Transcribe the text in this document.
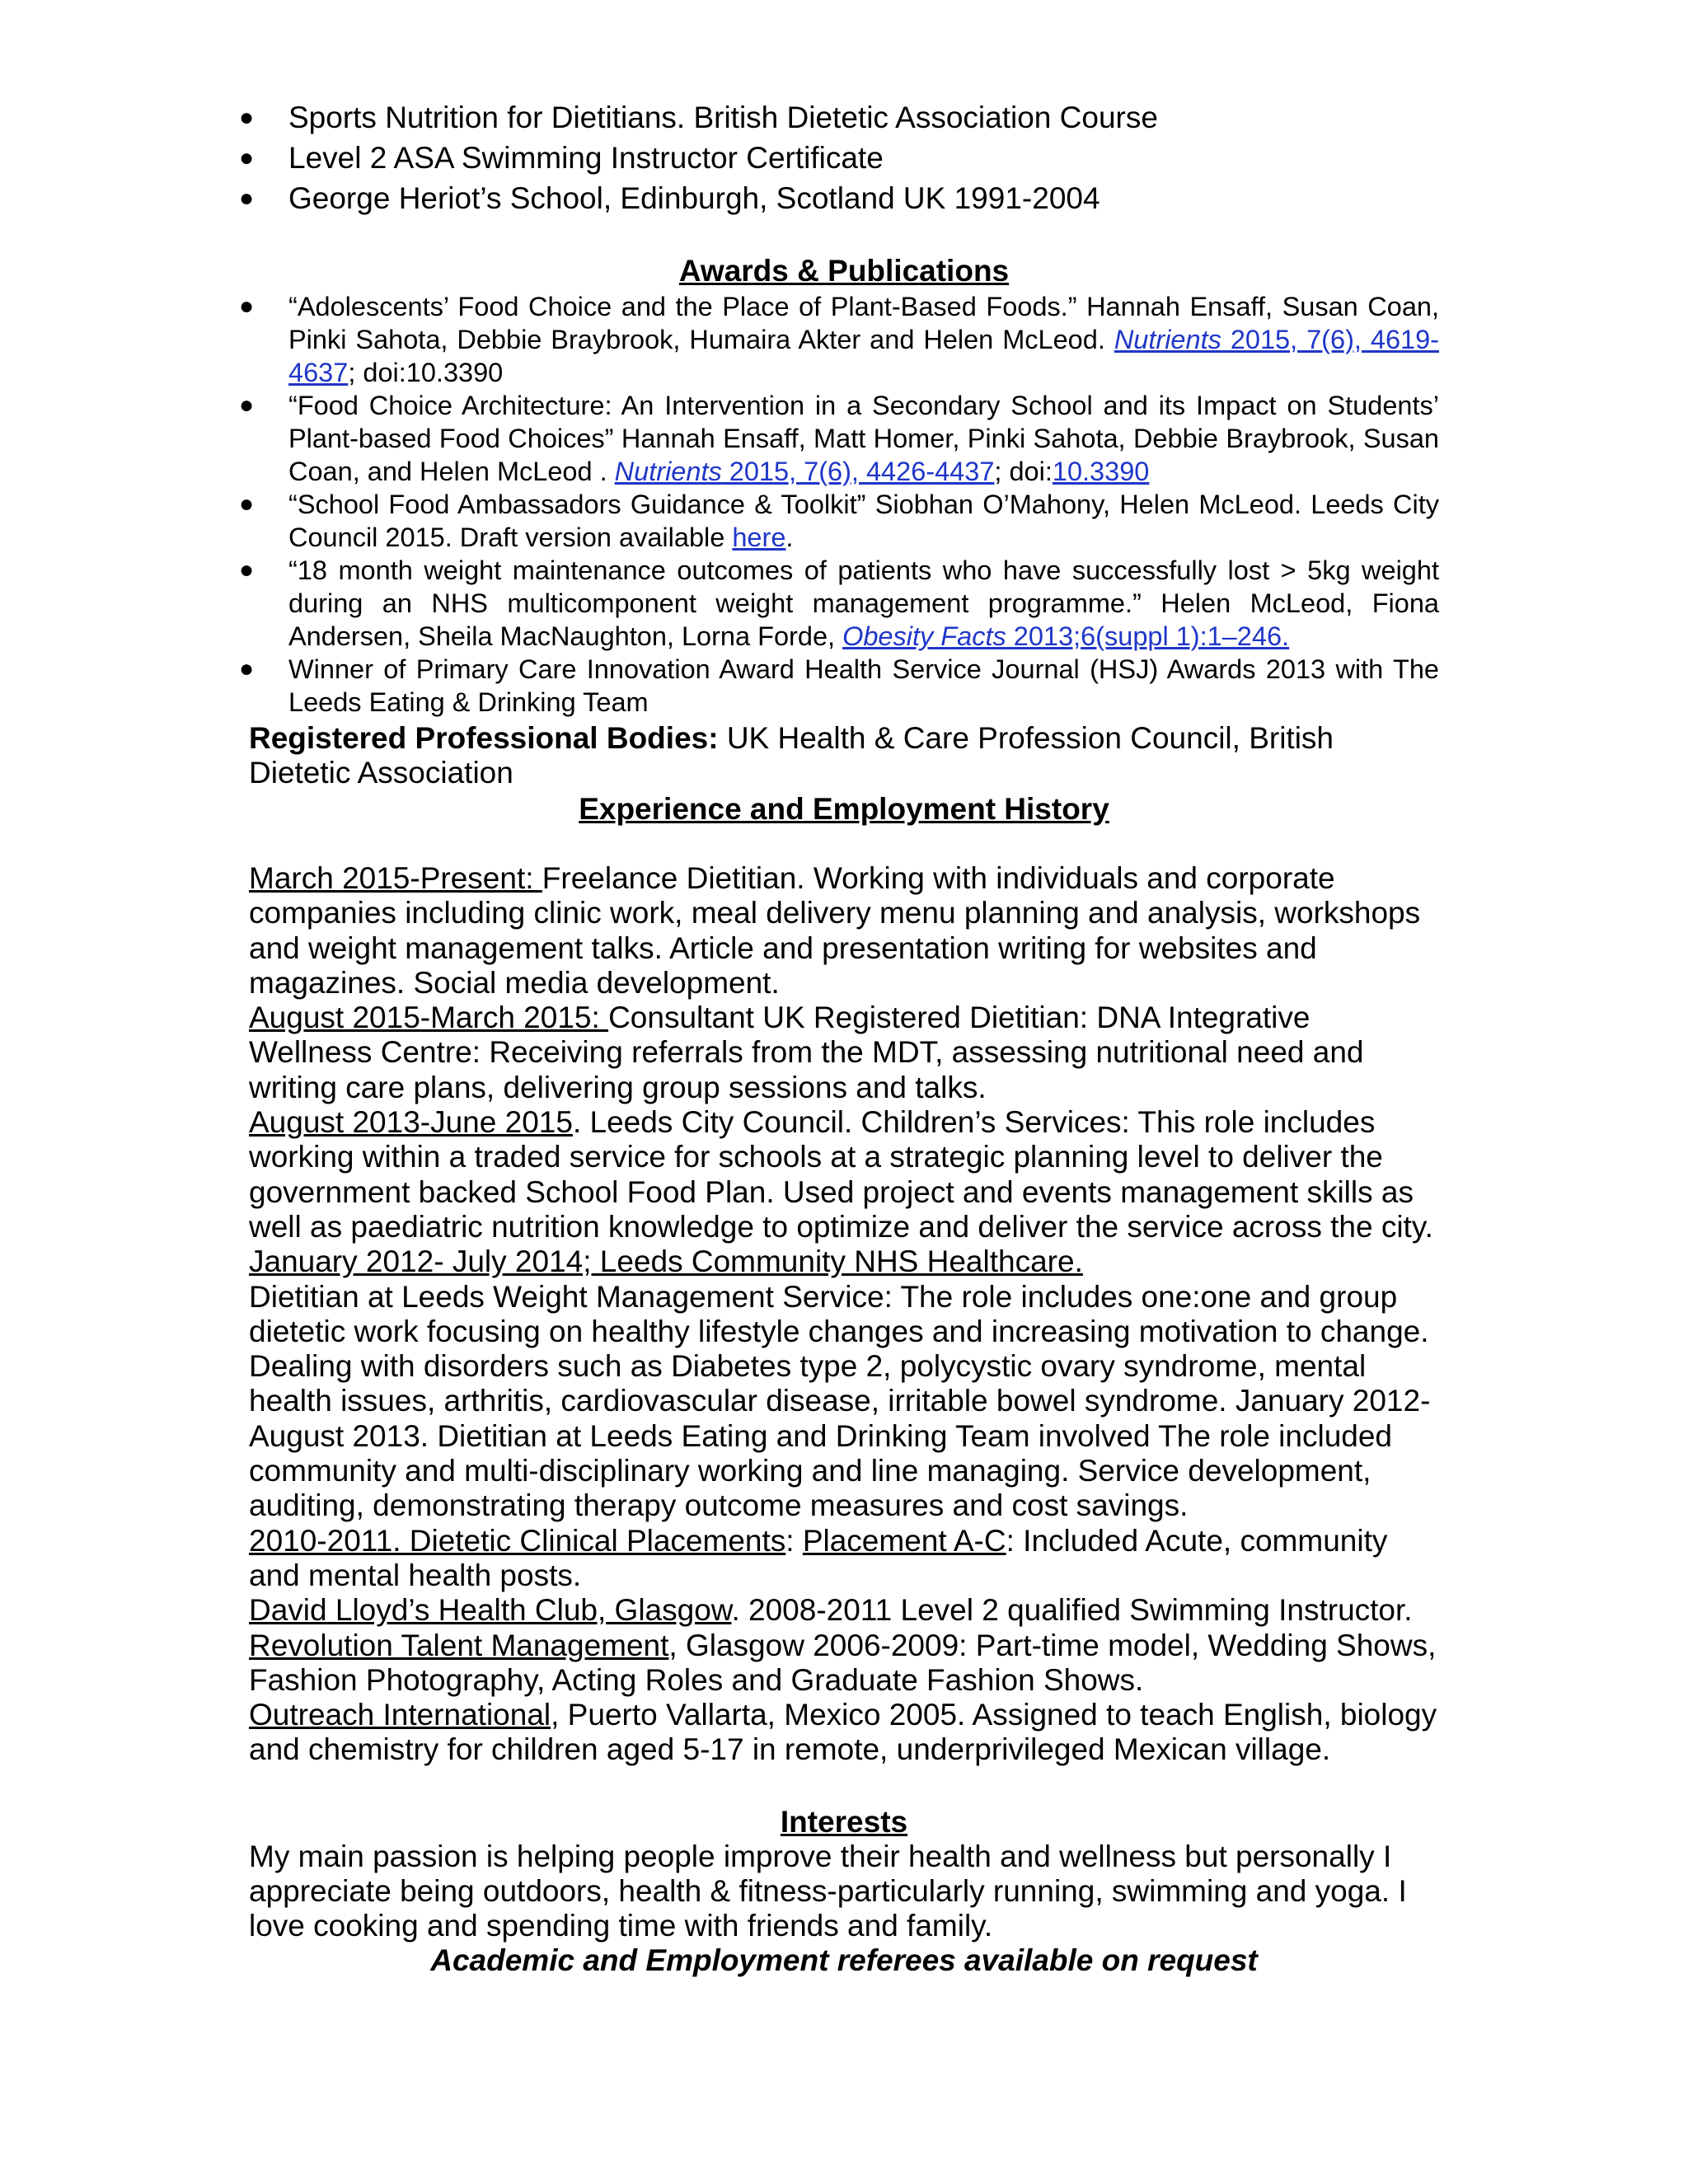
● Sports Nutrition for Dietitians. British Dietetic Association Course
● Level 2 ASA Swimming Instructor Certificate
● George Heriot’s School, Edinburgh, Scotland UK 1991-2004
Awards & Publications
● “Adolescents’ Food Choice and the Place of Plant-Based Foods.” Hannah Ensaff, Susan Coan, Pinki Sahota, Debbie Braybrook, Humaira Akter and Helen McLeod. Nutrients 2015, 7(6), 4619-4637; doi:10.3390
● “Food Choice Architecture: An Intervention in a Secondary School and its Impact on Students’ Plant-based Food Choices” Hannah Ensaff, Matt Homer, Pinki Sahota, Debbie Braybrook, Susan Coan, and Helen McLeod . Nutrients 2015, 7(6), 4426-4437; doi:10.3390
● “School Food Ambassadors Guidance & Toolkit” Siobhan O’Mahony, Helen McLeod. Leeds City Council 2015. Draft version available here.
● “18 month weight maintenance outcomes of patients who have successfully lost > 5kg weight during an NHS multicomponent weight management programme.” Helen McLeod, Fiona Andersen, Sheila MacNaughton, Lorna Forde, Obesity Facts 2013;6(suppl 1):1–246.
● Winner of Primary Care Innovation Award Health Service Journal (HSJ) Awards 2013 with The Leeds Eating & Drinking Team
Registered Professional Bodies: UK Health & Care Profession Council, British Dietetic Association
Experience and Employment History

March 2015-Present: Freelance Dietitian. Working with individuals and corporate companies including clinic work, meal delivery menu planning and analysis, workshops and weight management talks. Article and presentation writing for websites and magazines. Social media development.

August 2015-March 2015: Consultant UK Registered Dietitian: DNA Integrative Wellness Centre: Receiving referrals from the MDT, assessing nutritional need and writing care plans, delivering group sessions and talks.

August 2013-June 2015. Leeds City Council. Children’s Services: This role includes working within a traded service for schools at a strategic planning level to deliver the government backed School Food Plan. Used project and events management skills as well as paediatric nutrition knowledge to optimize and deliver the service across the city.

January 2012- July 2014; Leeds Community NHS Healthcare.

Dietitian at Leeds Weight Management Service: The role includes one:one and group dietetic work focusing on healthy lifestyle changes and increasing motivation to change. Dealing with disorders such as Diabetes type 2, polycystic ovary syndrome, mental health issues, arthritis, cardiovascular disease, irritable bowel syndrome. January 2012-August 2013. Dietitian at Leeds Eating and Drinking Team involved The role included community and multi-disciplinary working and line managing. Service development, auditing, demonstrating therapy outcome measures and cost savings.

2010-2011. Dietetic Clinical Placements: Placement A-C: Included Acute, community and mental health posts.

David Lloyd’s Health Club, Glasgow. 2008-2011 Level 2 qualified Swimming Instructor.

Revolution Talent Management, Glasgow 2006-2009: Part-time model, Wedding Shows, Fashion Photography, Acting Roles and Graduate Fashion Shows.

Outreach International, Puerto Vallarta, Mexico 2005. Assigned to teach English, biology and chemistry for children aged 5-17 in remote, underprivileged Mexican village.

Interests
My main passion is helping people improve their health and wellness but personally I appreciate being outdoors, health & fitness-particularly running, swimming and yoga. I love cooking and spending time with friends and family.
Academic and Employment referees available on request
